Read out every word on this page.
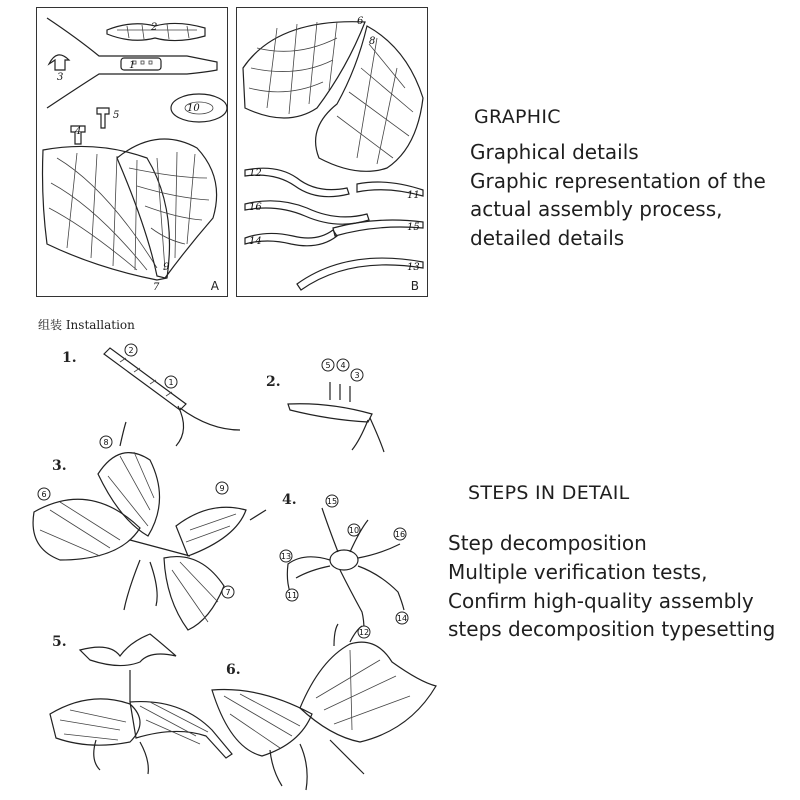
2
1
3
10
4
5
9
7	A
6
8
12
16
14
11
15
13
B
GRAPHIC
Graphical details
Graphic representation of the
actual assembly process,
detailed details
组装 Installation
1.	2
1	2.
5 4
3
3.
8
6
9
7
4.	15
10	16
13
11
12
14
5.
6.
STEPS IN DETAIL
Step decomposition
Multiple verification tests,
Confirm high-quality assembly
steps decomposition typesetting
